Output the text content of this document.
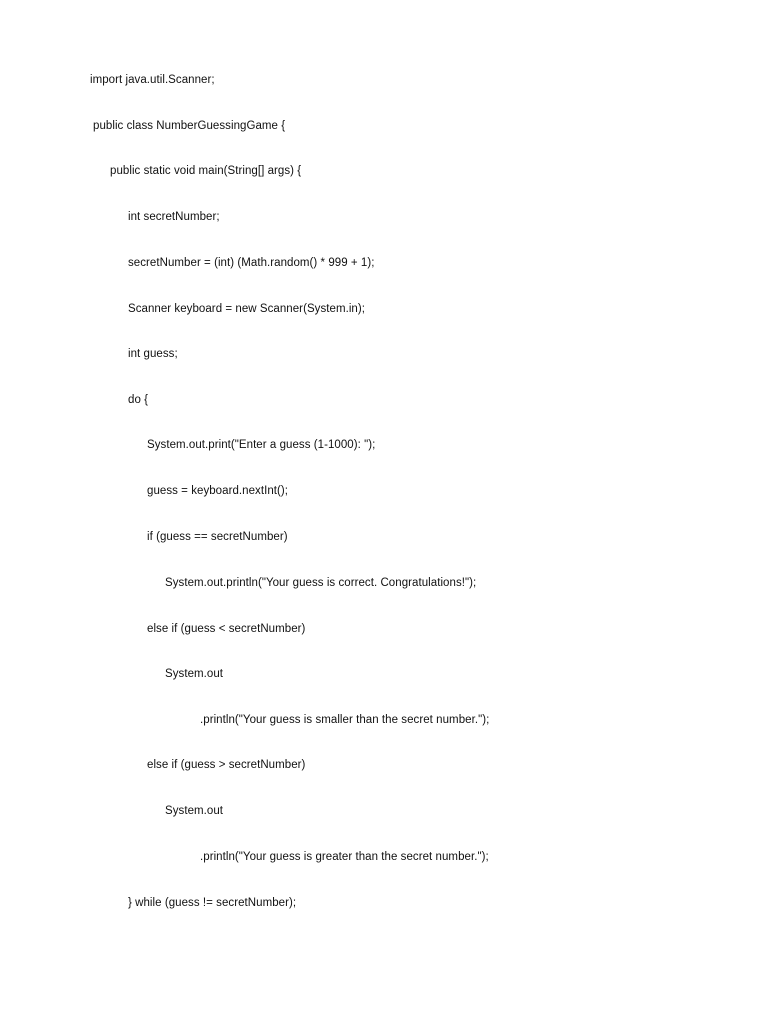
import java.util.Scanner;
public class NumberGuessingGame {
public static void main(String[] args) {
int secretNumber;
secretNumber = (int) (Math.random() * 999 + 1);
Scanner keyboard = new Scanner(System.in);
int guess;
do {
System.out.print("Enter a guess (1-1000): ");
guess = keyboard.nextInt();
if (guess == secretNumber)
System.out.println("Your guess is correct. Congratulations!");
else if (guess < secretNumber)
System.out
.println("Your guess is smaller than the secret number.");
else if (guess > secretNumber)
System.out
.println("Your guess is greater than the secret number.");
} while (guess != secretNumber);
